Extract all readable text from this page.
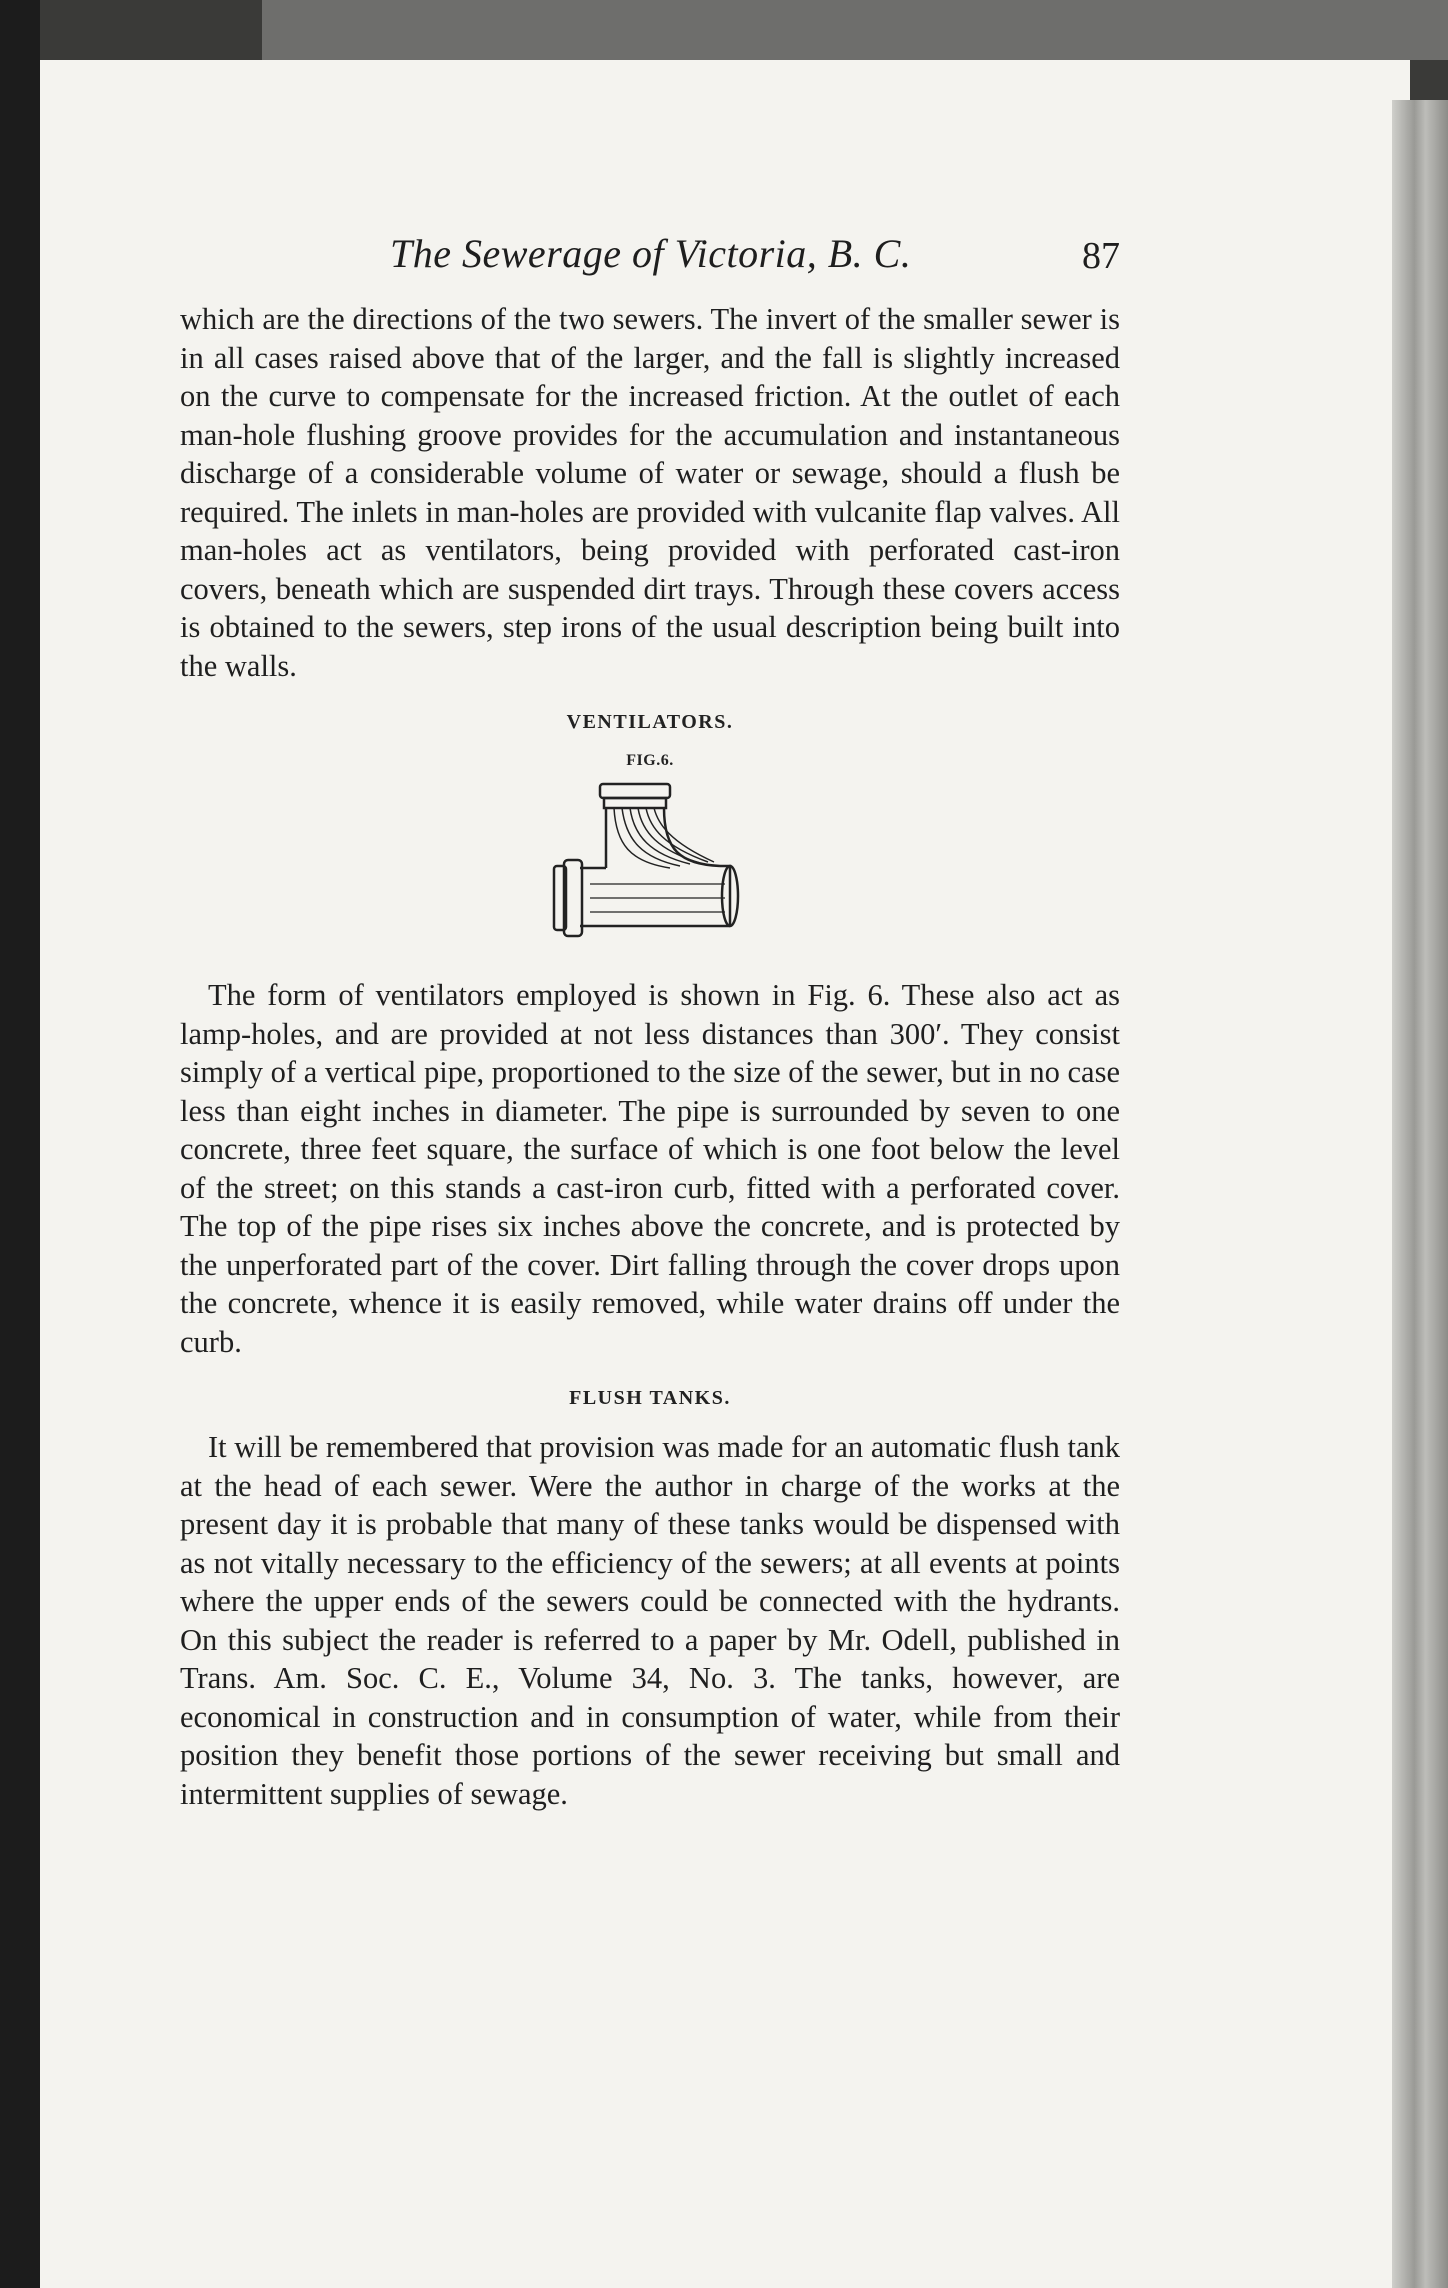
The Sewerage of Victoria, B. C.	87

which are the directions of the two sewers. The invert of the smaller sewer is in all cases raised above that of the larger, and the fall is slightly increased on the curve to compensate for the increased friction. At the outlet of each man-hole flushing groove provides for the accumulation and instantaneous discharge of a considerable volume of water or sewage, should a flush be required. The inlets in man-holes are provided with vulcanite flap valves. All man-holes act as ventilators, being provided with perforated cast-iron covers, beneath which are suspended dirt trays. Through these covers access is obtained to the sewers, step irons of the usual description being built into the walls.

VENTILATORS.
FIG.6.

The form of ventilators employed is shown in Fig. 6. These also act as lamp-holes, and are provided at not less distances than 300′. They consist simply of a vertical pipe, proportioned to the size of the sewer, but in no case less than eight inches in diameter. The pipe is surrounded by seven to one concrete, three feet square, the surface of which is one foot below the level of the street; on this stands a cast-iron curb, fitted with a perforated cover. The top of the pipe rises six inches above the concrete, and is protected by the unperforated part of the cover. Dirt falling through the cover drops upon the concrete, whence it is easily removed, while water drains off under the curb.

FLUSH TANKS.

It will be remembered that provision was made for an automatic flush tank at the head of each sewer. Were the author in charge of the works at the present day it is probable that many of these tanks would be dispensed with as not vitally necessary to the efficiency of the sewers; at all events at points where the upper ends of the sewers could be connected with the hydrants. On this subject the reader is referred to a paper by Mr. Odell, published in Trans. Am. Soc. C. E., Volume 34, No. 3. The tanks, however, are economical in construction and in consumption of water, while from their position they benefit those portions of the sewer receiving but small and intermittent supplies of sewage.
